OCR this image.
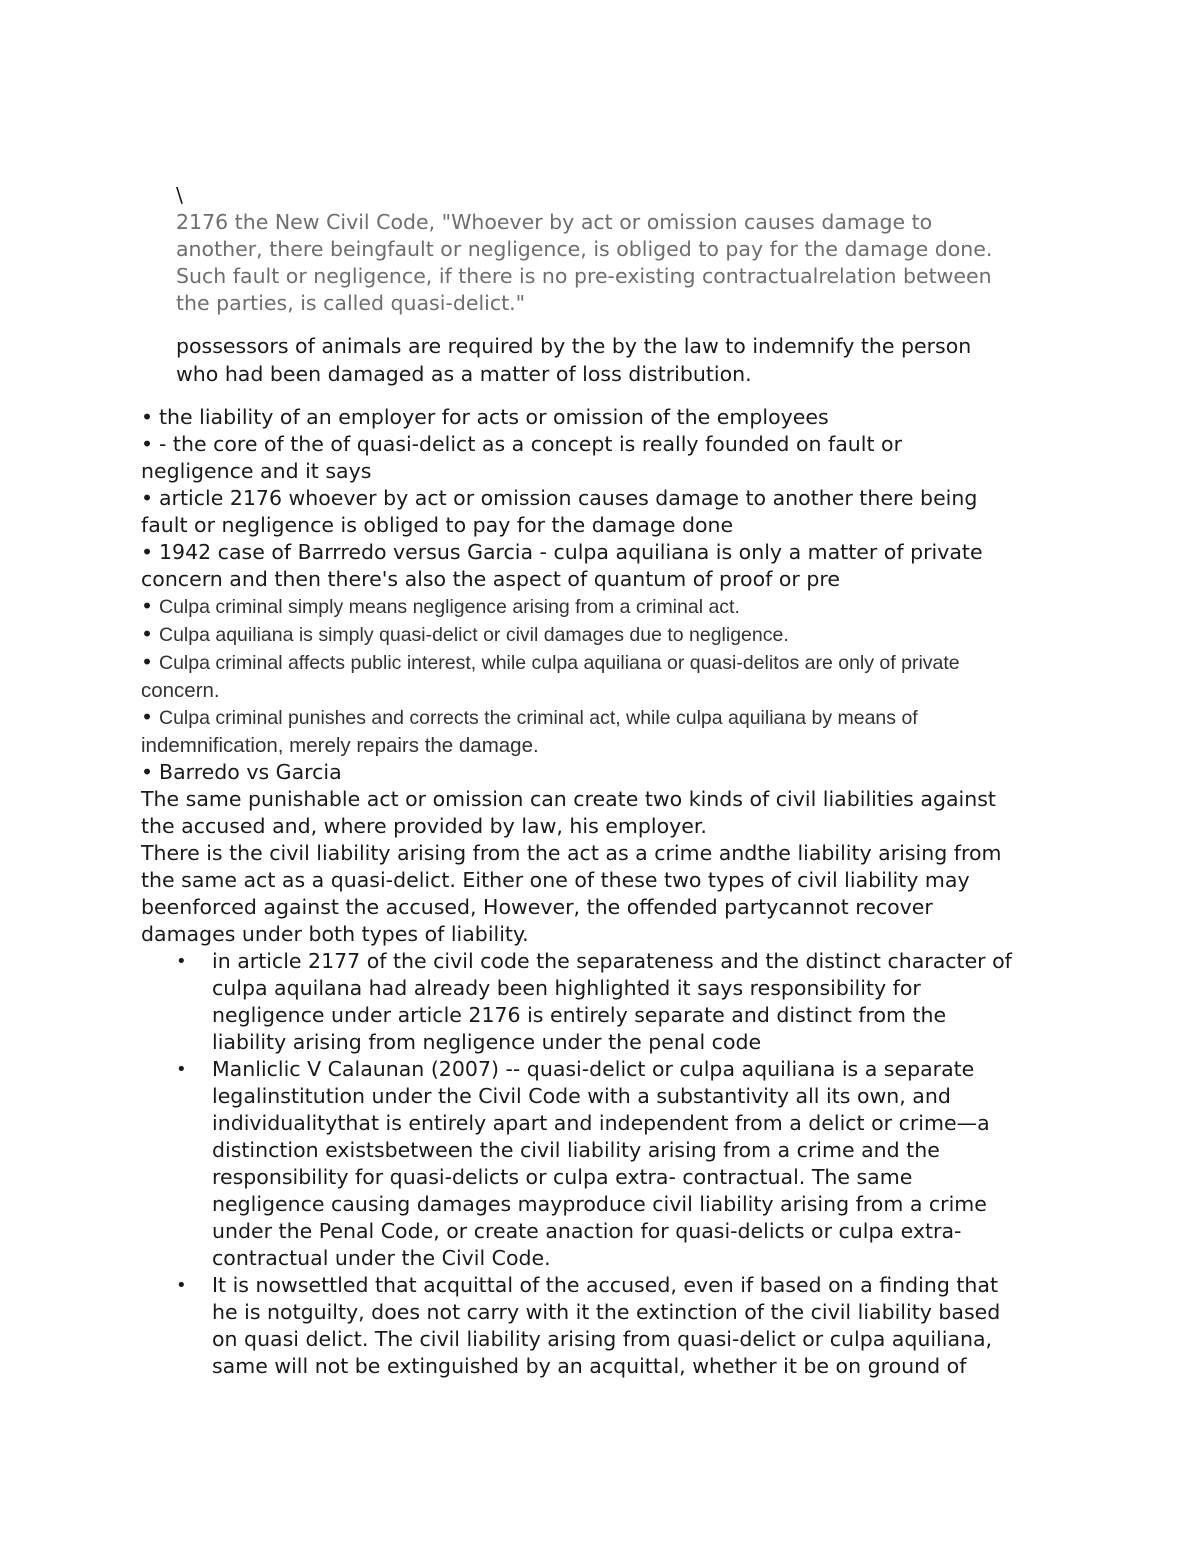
\
2176 the New Civil Code, "Whoever by act or omission causes damage to
another, there beingfault or negligence, is obliged to pay for the damage done.
Such fault or negligence, if there is no pre-existing contractualrelation between
the parties, is called quasi-delict."
possessors of animals are required by the by the law to indemnify the person
who had been damaged as a matter of loss distribution.
• the liability of an employer for acts or omission of the employees
• - the core of the of quasi-delict as a concept is really founded on fault or
negligence and it says
• article 2176 whoever by act or omission causes damage to another there being
fault or negligence is obliged to pay for the damage done
• 1942 case of Barrredo versus Garcia - culpa aquiliana is only a matter of private
concern and then there's also the aspect of quantum of proof or pre
• Culpa criminal simply means negligence arising from a criminal act.
• Culpa aquiliana is simply quasi-delict or civil damages due to negligence.
• Culpa criminal affects public interest, while culpa aquiliana or quasi-delitos are only of private
concern.
• Culpa criminal punishes and corrects the criminal act, while culpa aquiliana by means of
indemnification, merely repairs the damage.
• Barredo vs Garcia
The same punishable act or omission can create two kinds of civil liabilities against
the accused and, where provided by law, his employer.
There is the civil liability arising from the act as a crime andthe liability arising from
the same act as a quasi-delict. Either one of these two types of civil liability may
beenforced against the accused, However, the offended partycannot recover
damages under both types of liability.
• in article 2177 of the civil code the separateness and the distinct character of
culpa aquilana had already been highlighted it says responsibility for
negligence under article 2176 is entirely separate and distinct from the
liability arising from negligence under the penal code
• Manliclic V Calaunan (2007) -- quasi-delict or culpa aquiliana is a separate
legalinstitution under the Civil Code with a substantivity all its own, and
individualitythat is entirely apart and independent from a delict or crime—a
distinction existsbetween the civil liability arising from a crime and the
responsibility for quasi-delicts or culpa extra- contractual. The same
negligence causing damages mayproduce civil liability arising from a crime
under the Penal Code, or create anaction for quasi-delicts or culpa extra-
contractual under the Civil Code.
• It is nowsettled that acquittal of the accused, even if based on a finding that
he is notguilty, does not carry with it the extinction of the civil liability based
on quasi delict. The civil liability arising from quasi-delict or culpa aquiliana,
same will not be extinguished by an acquittal, whether it be on ground of
